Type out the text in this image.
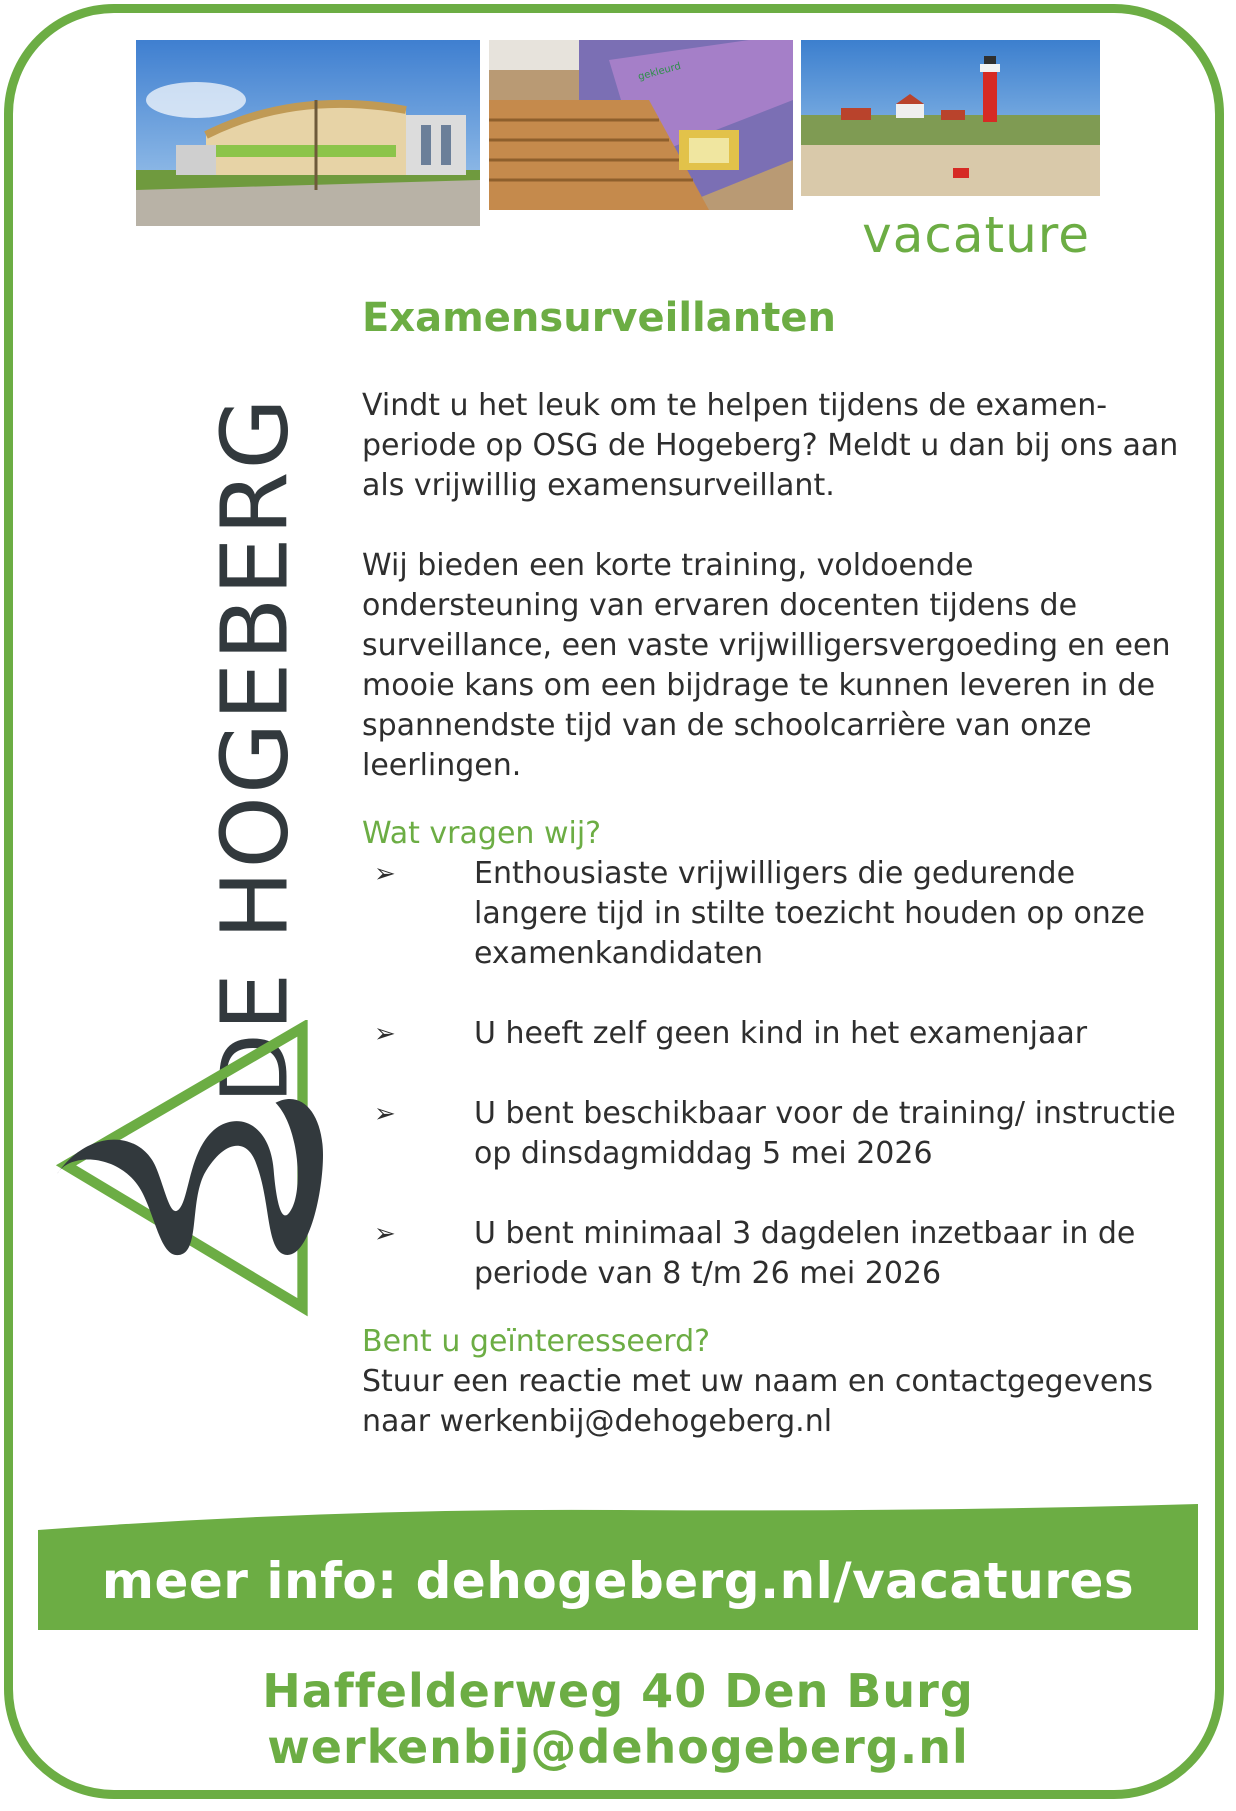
gekleurd
vacature
DE HOGEBERG
Examensurveillanten

Vindt u het leuk om te helpen tijdens de examen-periode op OSG de Hogeberg? Meldt u dan bij ons aan als vrijwillig examensurveillant.

Wij bieden een korte training, voldoende ondersteuning van ervaren docenten tijdens de surveillance, een vaste vrijwilligersvergoeding en een mooie kans om een bijdrage te kunnen leveren in de spannendste tijd van de schoolcarrière van onze leerlingen.

Wat vragen wij?
➢	Enthousiaste vrijwilligers die gedurende langere tijd in stilte toezicht houden op onze examenkandidaten
➢	U heeft zelf geen kind in het examenjaar
➢	U bent beschikbaar voor de training/ instructie op dinsdagmiddag 5 mei 2026
➢	U bent minimaal 3 dagdelen inzetbaar in de periode van 8 t/m 26 mei 2026
Bent u geïnteresseerd?

Stuur een reactie met uw naam en contactgegevens naar werkenbij@dehogeberg.nl

meer info: dehogeberg.nl/vacatures
Haffelderweg 40 Den Burg
werkenbij@dehogeberg.nl
